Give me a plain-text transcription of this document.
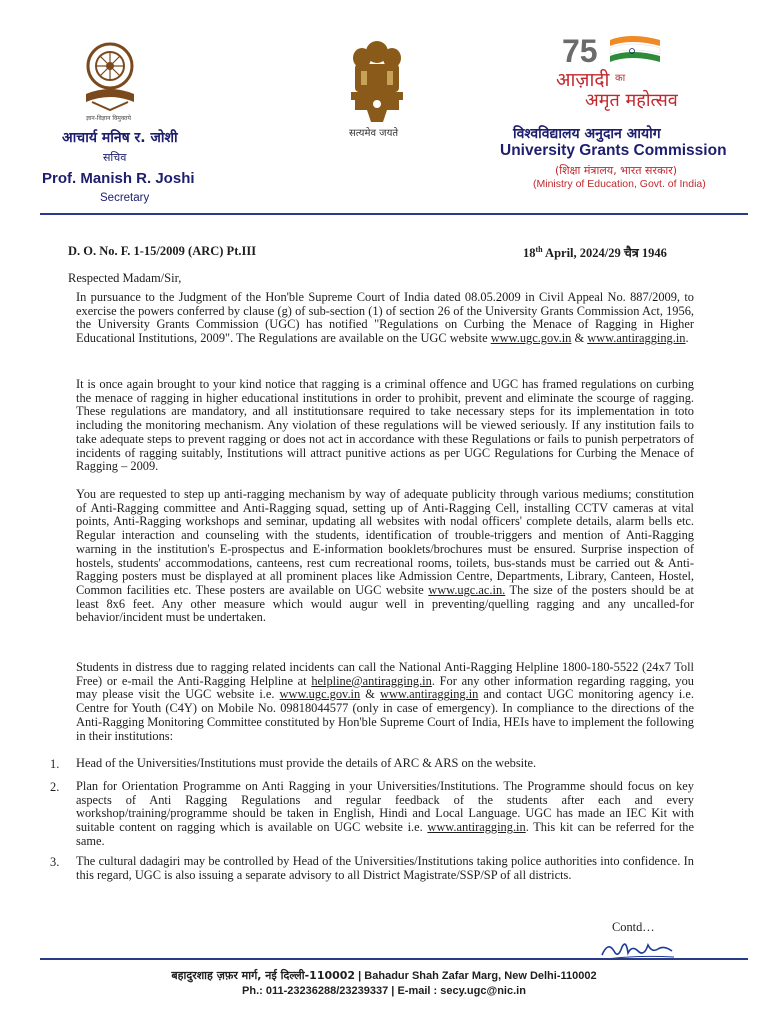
ज्ञान-विज्ञान विमुक्तये
आचार्य मनिष र. जोशी
सचिव
Prof. Manish R. Joshi
Secretary
सत्यमेव जयते
75
आज़ादी का
अमृत महोत्सव
विश्वविद्यालय अनुदान आयोग
University Grants Commission
(शिक्षा मंत्रालय, भारत सरकार)
(Ministry of Education, Govt. of India)
D. O. No. F. 1-15/2009 (ARC) Pt.III	18th April, 2024/29 चैत्र 1946
Respected Madam/Sir,

In pursuance to the Judgment of the Hon'ble Supreme Court of India dated 08.05.2009 in Civil Appeal No. 887/2009, to exercise the powers conferred by clause (g) of sub-section (1) of section 26 of the University Grants Commission Act, 1956, the University Grants Commission (UGC) has notified "Regulations on Curbing the Menace of Ragging in Higher Educational Institutions, 2009". The Regulations are available on the UGC website www.ugc.gov.in & www.antiragging.in.

It is once again brought to your kind notice that ragging is a criminal offence and UGC has framed regulations on curbing the menace of ragging in higher educational institutions in order to prohibit, prevent and eliminate the scourge of ragging. These regulations are mandatory, and all institutionsare required to take necessary steps for its implementation in toto including the monitoring mechanism. Any violation of these regulations will be viewed seriously. If any institution fails to take adequate steps to prevent ragging or does not act in accordance with these Regulations or fails to punish perpetrators of incidents of ragging suitably, Institutions will attract punitive actions as per UGC Regulations for Curbing the Menace of Ragging – 2009.

You are requested to step up anti-ragging mechanism by way of adequate publicity through various mediums; constitution of Anti-Ragging committee and Anti-Ragging squad, setting up of Anti-Ragging Cell, installing CCTV cameras at vital points, Anti-Ragging workshops and seminar, updating all websites with nodal officers' complete details, alarm bells etc. Regular interaction and counseling with the students, identification of trouble-triggers and mention of Anti-Ragging warning in the institution's E-prospectus and E-information booklets/brochures must be ensured. Surprise inspection of hostels, students' accommodations, canteens, rest cum recreational rooms, toilets, bus-stands must be carried out & Anti-Ragging posters must be displayed at all prominent places like Admission Centre, Departments, Library, Canteen, Hostel, Common facilities etc. These posters are available on UGC website www.ugc.ac.in. The size of the posters should be at least 8x6 feet. Any other measure which would augur well in preventing/quelling ragging and any uncalled-for behavior/incident must be undertaken.

Students in distress due to ragging related incidents can call the National Anti-Ragging Helpline 1800-180-5522 (24x7 Toll Free) or e-mail the Anti-Ragging Helpline at helpline@antiragging.in. For any other information regarding ragging, you may please visit the UGC website i.e. www.ugc.gov.in & www.antiragging.in and contact UGC monitoring agency i.e. Centre for Youth (C4Y) on Mobile No. 09818044577 (only in case of emergency). In compliance to the directions of the Anti-Ragging Monitoring Committee constituted by Hon'ble Supreme Court of India, HEIs have to implement the following in their institutions:

1. Head of the Universities/Institutions must provide the details of ARC & ARS on the website.

2. Plan for Orientation Programme on Anti Ragging in your Universities/Institutions. The Programme should focus on key aspects of Anti Ragging Regulations and regular feedback of the students after each and every workshop/training/programme should be taken in English, Hindi and Local Language. UGC has made an IEC Kit with suitable content on ragging which is available on UGC website i.e. www.antiragging.in. This kit can be referred for the same.

3. The cultural dadagiri may be controlled by Head of the Universities/Institutions taking police authorities into confidence. In this regard, UGC is also issuing a separate advisory to all District Magistrate/SSP/SP of all districts.

Contd…
बहादुरशाह ज़फ़र मार्ग, नई दिल्ली-110002 | Bahadur Shah Zafar Marg, New Delhi-110002
Ph.: 011-23236288/23239337 | E-mail : secy.ugc@nic.in
